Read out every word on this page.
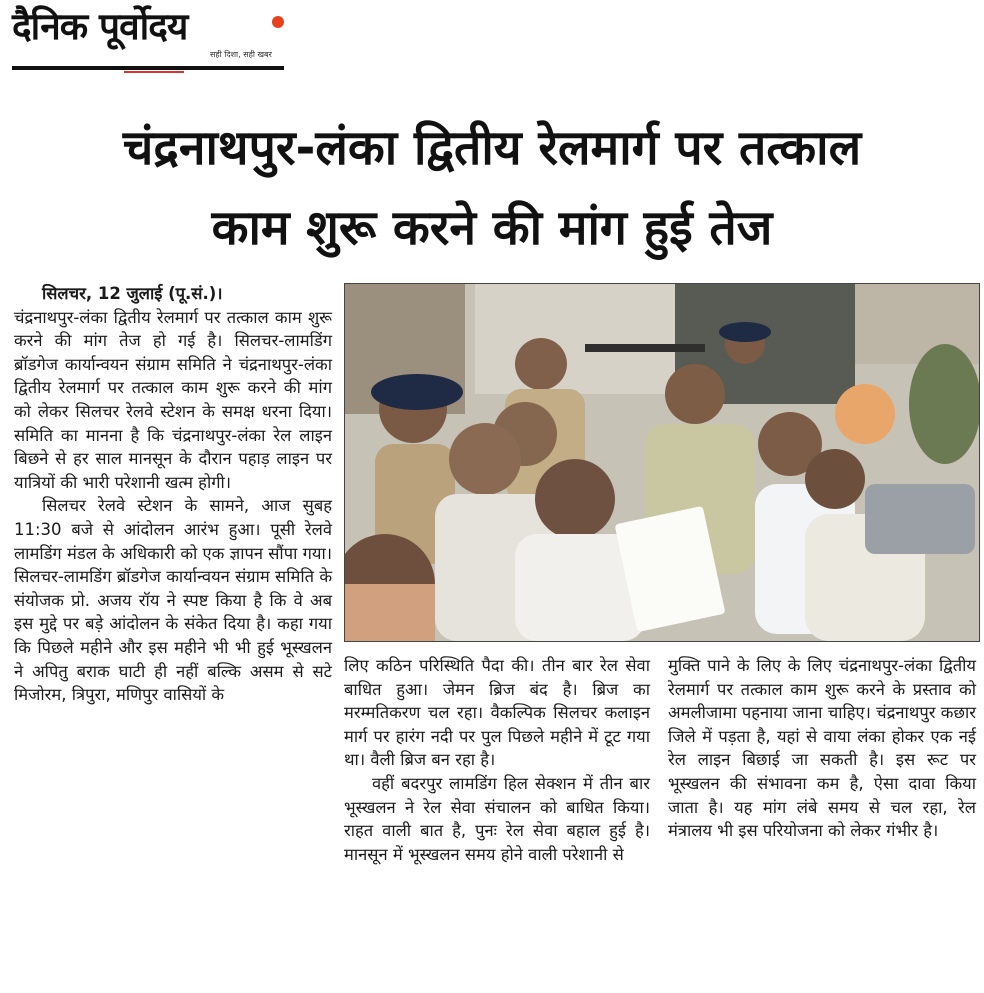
दैनिक पूर्वोदय
सही दिशा, सही खबर
चंद्रनाथपुर-लंका द्वितीय रेलमार्ग पर तत्काल
काम शुरू करने की मांग हुई तेज

सिलचर, 12 जुलाई (पू.सं.)।

चंद्रनाथपुर-लंका द्वितीय रेलमार्ग पर तत्काल काम शुरू करने की मांग तेज हो गई है। सिलचर-लामडिंग ब्रॉडगेज कार्यान्वयन संग्राम समिति ने चंद्रनाथपुर-लंका द्वितीय रेलमार्ग पर तत्काल काम शुरू करने की मांग को लेकर सिलचर रेलवे स्टेशन के समक्ष धरना दिया। समिति का मानना है कि चंद्रनाथपुर-लंका रेल लाइन बिछने से हर साल मानसून के दौरान पहाड़ लाइन पर यात्रियों की भारी परेशानी खत्म होगी।

सिलचर रेलवे स्टेशन के सामने, आज सुबह 11:30 बजे से आंदोलन आरंभ हुआ। पूसी रेलवे लामडिंग मंडल के अधिकारी को एक ज्ञापन सौंपा गया। सिलचर-लामडिंग ब्रॉडगेज कार्यान्वयन संग्राम समिति के संयोजक प्रो. अजय रॉय ने स्पष्ट किया है कि वे अब इस मुद्दे पर बड़े आंदोलन के संकेत दिया है। कहा गया कि पिछले महीने और इस महीने भी भी हुई भूस्खलन ने अपितु बराक घाटी ही नहीं बल्कि असम से सटे मिजोरम, त्रिपुरा, मणिपुर वासियों के

लिए कठिन परिस्थिति पैदा की। तीन बार रेल सेवा बाधित हुआ। जेमन ब्रिज बंद है। ब्रिज का मरम्मतिकरण चल रहा। वैकल्पिक सिलचर कलाइन मार्ग पर हारंग नदी पर पुल पिछले महीने में टूट गया था। वैली ब्रिज बन रहा है।

वहीं बदरपुर लामडिंग हिल सेक्शन में तीन बार भूस्खलन ने रेल सेवा संचालन को बाधित किया। राहत वाली बात है, पुनः रेल सेवा बहाल हुई है। मानसून में भूस्खलन समय होने वाली परेशानी से

मुक्ति पाने के लिए के लिए चंद्रनाथपुर-लंका द्वितीय रेलमार्ग पर तत्काल काम शुरू करने के प्रस्ताव को अमलीजामा पहनाया जाना चाहिए। चंद्रनाथपुर कछार जिले में पड़ता है, यहां से वाया लंका होकर एक नई रेल लाइन बिछाई जा सकती है। इस रूट पर भूस्खलन की संभावना कम है, ऐसा दावा किया जाता है। यह मांग लंबे समय से चल रहा, रेल मंत्रालय भी इस परियोजना को लेकर गंभीर है।
